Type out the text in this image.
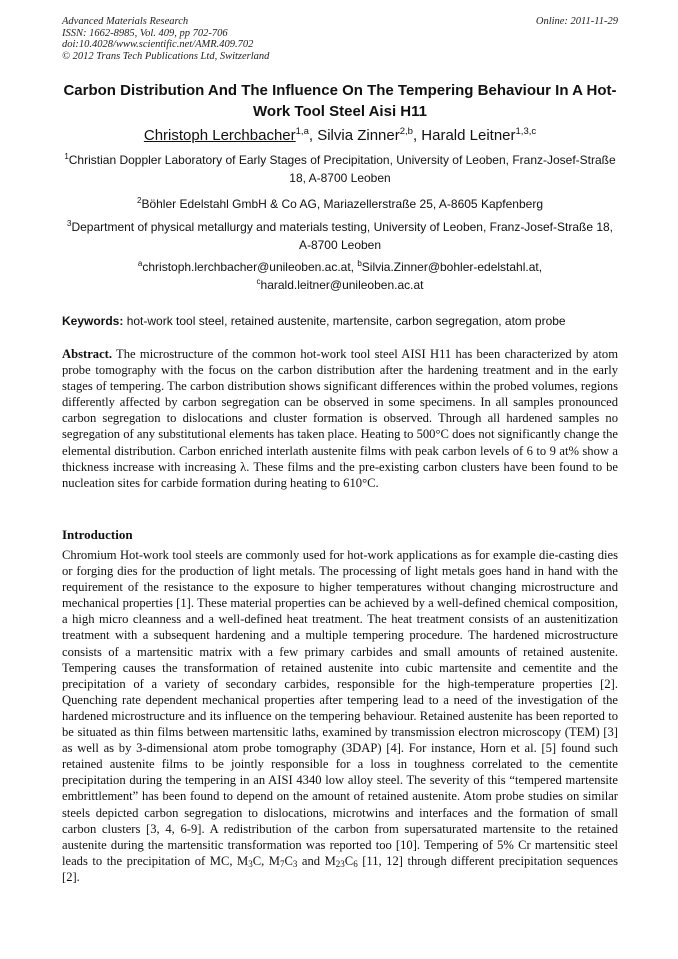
Advanced Materials Research
ISSN: 1662-8985, Vol. 409, pp 702-706
doi:10.4028/www.scientific.net/AMR.409.702
© 2012 Trans Tech Publications Ltd, Switzerland
Online: 2011-11-29
Carbon Distribution And The Influence On The Tempering Behaviour In A Hot-Work Tool Steel Aisi H11
Christoph Lerchbacher$^{1,a}$, Silvia Zinner$^{2,b}$, Harald Leitner$^{1,3,c}$
$^1$Christian Doppler Laboratory of Early Stages of Precipitation, University of Leoben, Franz-Josef-Straße 18, A-8700 Leoben
$^2$Böhler Edelstahl GmbH & Co AG, Mariazellerstraße 25, A-8605 Kapfenberg
$^3$Department of physical metallurgy and materials testing, University of Leoben, Franz-Josef-Straße 18, A-8700 Leoben
$^a$christoph.lerchbacher@unileoben.ac.at, $^b$Silvia.Zinner@bohler-edelstahl.at,
$^c$harald.leitner@unileoben.ac.at
Keywords: hot-work tool steel, retained austenite, martensite, carbon segregation, atom probe
Abstract. The microstructure of the common hot-work tool steel AISI H11 has been characterized by atom probe tomography with the focus on the carbon distribution after the hardening treatment and in the early stages of tempering. The carbon distribution shows significant differences within the probed volumes, regions differently affected by carbon segregation can be observed in some specimens. In all samples pronounced carbon segregation to dislocations and cluster formation is observed. Through all hardened samples no segregation of any substitutional elements has taken place. Heating to 500°C does not significantly change the elemental distribution. Carbon enriched interlath austenite films with peak carbon levels of 6 to 9 at% show a thickness increase with increasing λ. These films and the pre-existing carbon clusters have been found to be nucleation sites for carbide formation during heating to 610°C.
Introduction
Chromium Hot-work tool steels are commonly used for hot-work applications as for example die-casting dies or forging dies for the production of light metals. The processing of light metals goes hand in hand with the requirement of the resistance to the exposure to higher temperatures without changing microstructure and mechanical properties [1]. These material properties can be achieved by a well-defined chemical composition, a high micro cleanness and a well-defined heat treatment. The heat treatment consists of an austenitization treatment with a subsequent hardening and a multiple tempering procedure. The hardened microstructure consists of a martensitic matrix with a few primary carbides and small amounts of retained austenite. Tempering causes the transformation of retained austenite into cubic martensite and cementite and the precipitation of a variety of secondary carbides, responsible for the high-temperature properties [2]. Quenching rate dependent mechanical properties after tempering lead to a need of the investigation of the hardened microstructure and its influence on the tempering behaviour. Retained austenite has been reported to be situated as thin films between martensitic laths, examined by transmission electron microscopy (TEM) [3] as well as by 3-dimensional atom probe tomography (3DAP) [4]. For instance, Horn et al. [5] found such retained austenite films to be jointly responsible for a loss in toughness correlated to the cementite precipitation during the tempering in an AISI 4340 low alloy steel. The severity of this “tempered martensite embrittlement” has been found to depend on the amount of retained austenite. Atom probe studies on similar steels depicted carbon segregation to dislocations, microtwins and interfaces and the formation of small carbon clusters [3, 4, 6-9]. A redistribution of the carbon from supersaturated martensite to the retained austenite during the martensitic transformation was reported too [10]. Tempering of 5% Cr martensitic steel leads to the precipitation of MC, $M_3C$, $M_7C_3$ and $M_{23}C_6$ [11, 12] through different precipitation sequences [2].
